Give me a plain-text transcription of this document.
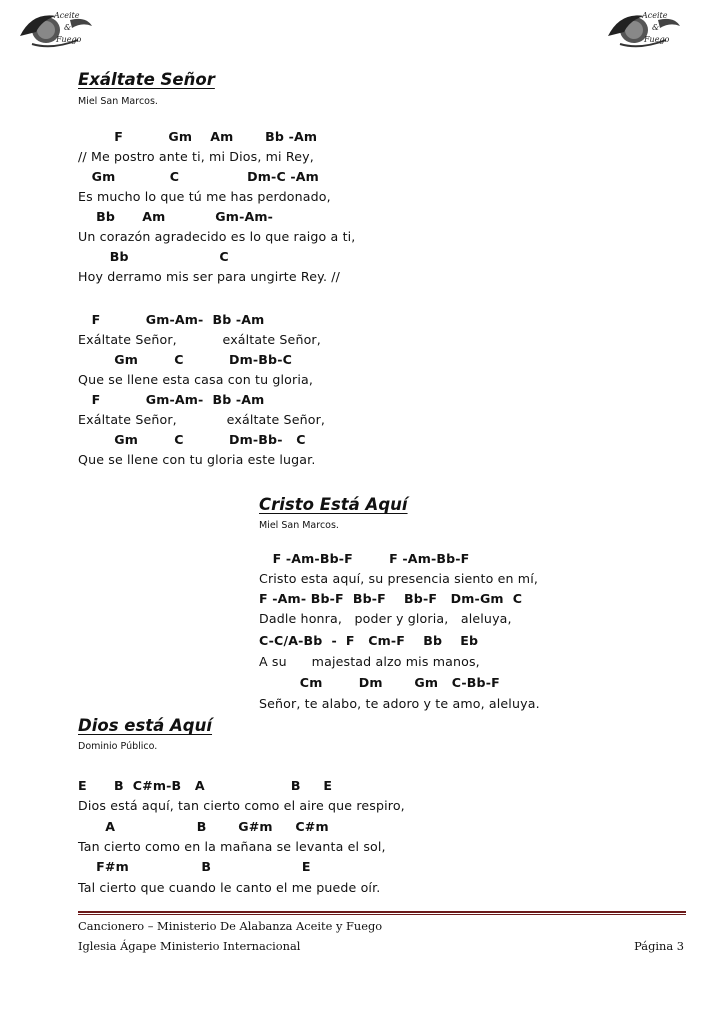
Aceite
&
Fuego
Aceite
&
Fuego
Exáltate Señor
Miel San Marcos.
F          Gm    Am       Bb -Am
// Me postro ante ti, mi Dios, mi Rey,
Gm            C               Dm-C -Am
Es mucho lo que tú me has perdonado,
Bb      Am           Gm-Am-
Un corazón agradecido es lo que raigo a ti,
Bb                    C
Hoy derramo mis ser para ungirte Rey. //
F          Gm-Am-  Bb -Am
Exáltate Señor,           exáltate Señor,
Gm        C          Dm-Bb-C
Que se llene esta casa con tu gloria,
F          Gm-Am-  Bb -Am
Exáltate Señor,            exáltate Señor,
Gm        C          Dm-Bb-   C
Que se llene con tu gloria este lugar.
Cristo Está Aquí
Miel San Marcos.
F -Am-Bb-F        F -Am-Bb-F
Cristo esta aquí, su presencia siento en mí,
F -Am- Bb-F  Bb-F    Bb-F   Dm-Gm  C
Dadle honra,   poder y gloria,   aleluya,
C-C/A-Bb  -  F   Cm-F    Bb    Eb
A su      majestad alzo mis manos,
Cm        Dm       Gm   C-Bb-F
Señor, te alabo, te adoro y te amo, aleluya.
Dios está Aquí
Dominio Público.
E      B  C#m-B   A                   B     E
Dios está aquí, tan cierto como el aire que respiro,
A                  B       G#m     C#m
Tan cierto como en la mañana se levanta el sol,
F#m                B                    E
Tal cierto que cuando le canto el me puede oír.
Cancionero – Ministerio De Alabanza Aceite y Fuego
Iglesia Ágape Ministerio Internacional	Página 3
